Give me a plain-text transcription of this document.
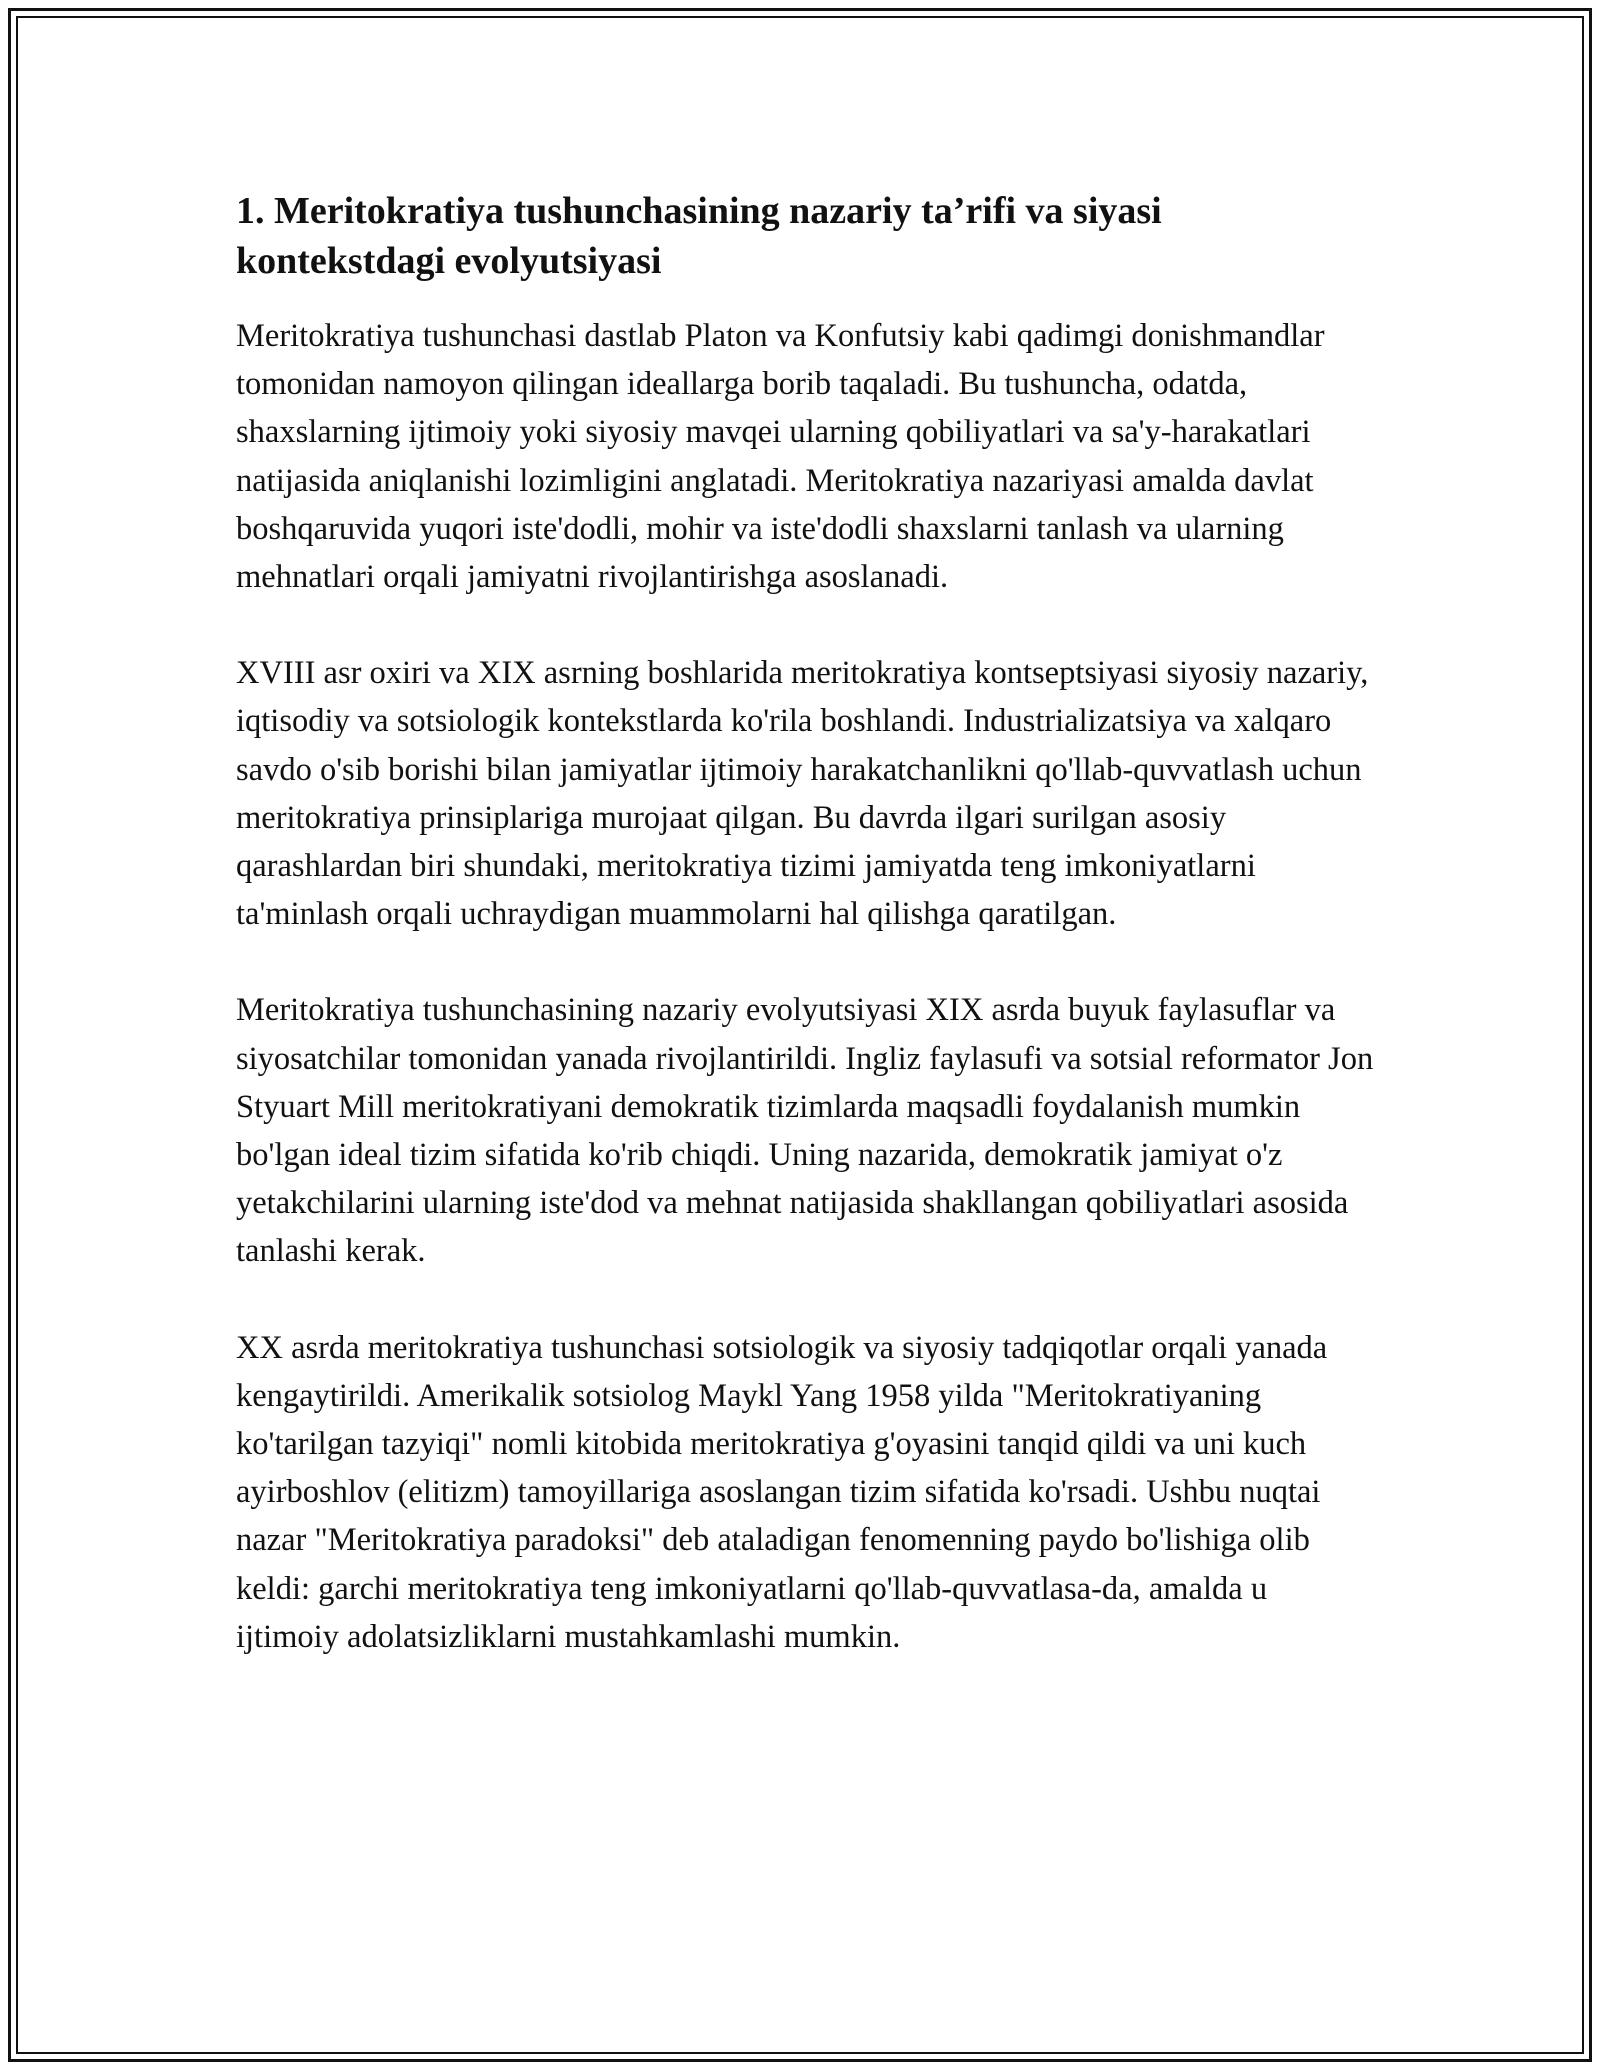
1. Meritokratiya tushunchasining nazariy ta’rifi va siyasi kontekstdagi evolyutsiyasi

Meritokratiya tushunchasi dastlab Platon va Konfutsiy kabi qadimgi donishmandlar tomonidan namoyon qilingan ideallarga borib taqaladi. Bu tushuncha, odatda, shaxslarning ijtimoiy yoki siyosiy mavqei ularning qobiliyatlari va sa'y-harakatlari natijasida aniqlanishi lozimligini anglatadi. Meritokratiya nazariyasi amalda davlat boshqaruvida yuqori iste'dodli, mohir va iste'dodli shaxslarni tanlash va ularning mehnatlari orqali jamiyatni rivojlantirishga asoslanadi.

XVIII asr oxiri va XIX asrning boshlarida meritokratiya kontseptsiyasi siyosiy nazariy, iqtisodiy va sotsiologik kontekstlarda ko'rila boshlandi. Industrializatsiya va xalqaro savdo o'sib borishi bilan jamiyatlar ijtimoiy harakatchanlikni qo'llab-quvvatlash uchun meritokratiya prinsiplariga murojaat qilgan. Bu davrda ilgari surilgan asosiy qarashlardan biri shundaki, meritokratiya tizimi jamiyatda teng imkoniyatlarni ta'minlash orqali uchraydigan muammolarni hal qilishga qaratilgan.

Meritokratiya tushunchasining nazariy evolyutsiyasi XIX asrda buyuk faylasuflar va siyosatchilar tomonidan yanada rivojlantirildi. Ingliz faylasufi va sotsial reformator Jon Styuart Mill meritokratiyani demokratik tizimlarda maqsadli foydalanish mumkin bo'lgan ideal tizim sifatida ko'rib chiqdi. Uning nazarida, demokratik jamiyat o'z yetakchilarini ularning iste'dod va mehnat natijasida shakllangan qobiliyatlari asosida tanlashi kerak.

XX asrda meritokratiya tushunchasi sotsiologik va siyosiy tadqiqotlar orqali yanada kengaytirildi. Amerikalik sotsiolog Maykl Yang 1958 yilda "Meritokratiyaning ko'tarilgan tazyiqi" nomli kitobida meritokratiya g'oyasini tanqid qildi va uni kuch ayirboshlov (elitizm) tamoyillariga asoslangan tizim sifatida ko'rsadi. Ushbu nuqtai nazar "Meritokratiya paradoksi" deb ataladigan fenomenning paydo bo'lishiga olib keldi: garchi meritokratiya teng imkoniyatlarni qo'llab-quvvatlasa-da, amalda u ijtimoiy adolatsizliklarni mustahkamlashi mumkin.
